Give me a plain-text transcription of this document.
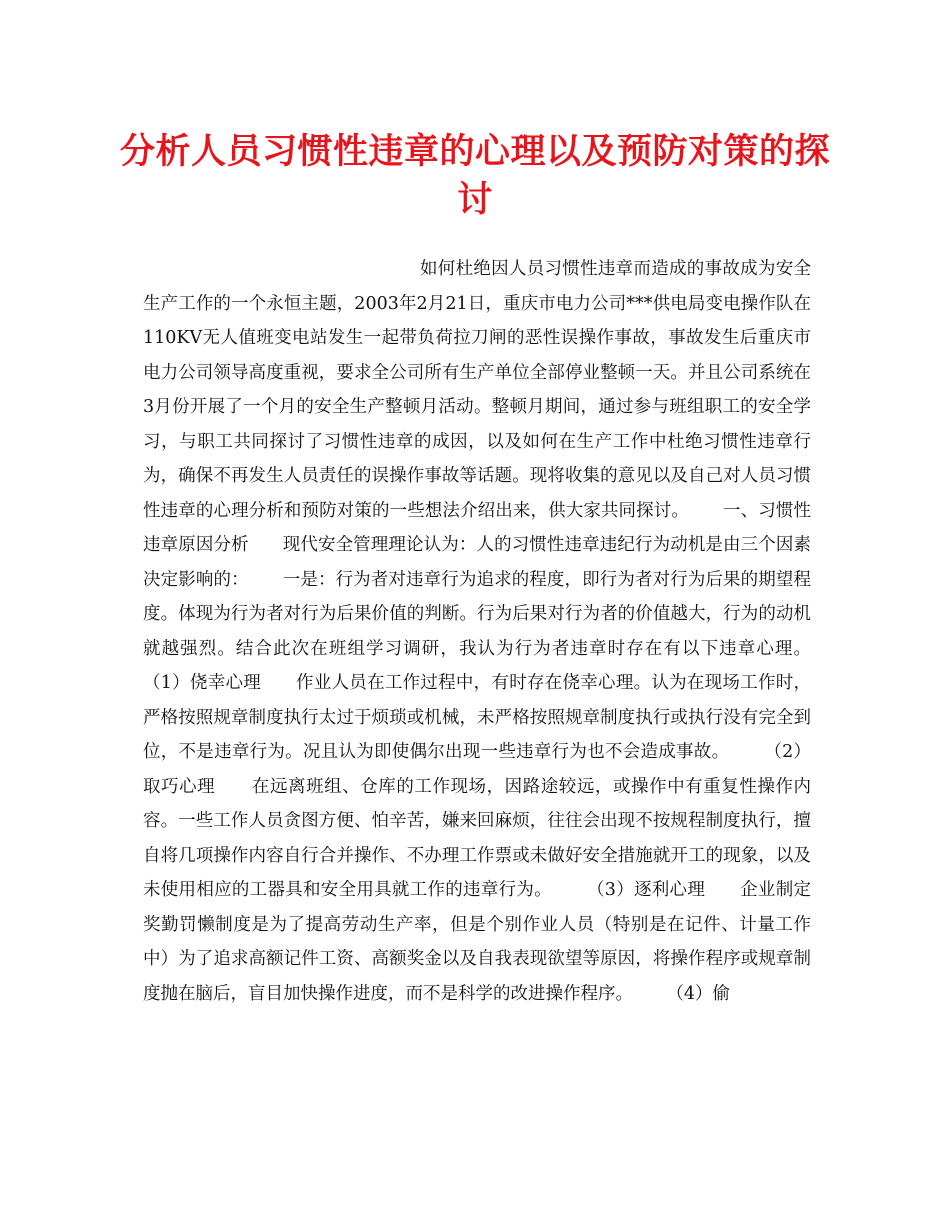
分析人员习惯性违章的心理以及预防对策的探讨

如何杜绝因人员习惯性违章而造成的事故成为安全生产工作的一个永恒主题，2003年2月21日，重庆市电力公司***供电局变电操作队在110KV无人值班变电站发生一起带负荷拉刀闸的恶性误操作事故，事故发生后重庆市电力公司领导高度重视，要求全公司所有生产单位全部停业整顿一天。并且公司系统在3月份开展了一个月的安全生产整顿月活动。整顿月期间，通过参与班组职工的安全学习，与职工共同探讨了习惯性违章的成因，以及如何在生产工作中杜绝习惯性违章行为，确保不再发生人员责任的误操作事故等话题。现将收集的意见以及自己对人员习惯性违章的心理分析和预防对策的一些想法介绍出来，供大家共同探讨。      一、习惯性违章原因分析      现代安全管理理论认为：人的习惯性违章违纪行为动机是由三个因素决定影响的：      一是：行为者对违章行为追求的程度，即行为者对行为后果的期望程度。体现为行为者对行为后果价值的判断。行为后果对行为者的价值越大，行为的动机就越强烈。结合此次在班组学习调研，我认为行为者违章时存在有以下违章心理。      （1）侥幸心理      作业人员在工作过程中，有时存在侥幸心理。认为在现场工作时，严格按照规章制度执行太过于烦琐或机械，未严格按照规章制度执行或执行没有完全到位，不是违章行为。况且认为即使偶尔出现一些违章行为也不会造成事故。      （2）取巧心理      在远离班组、仓库的工作现场，因路途较远，或操作中有重复性操作内容。一些工作人员贪图方便、怕辛苦，嫌来回麻烦，往往会出现不按规程制度执行，擅自将几项操作内容自行合并操作、不办理工作票或未做好安全措施就开工的现象，以及未使用相应的工器具和安全用具就工作的违章行为。      （3）逐利心理      企业制定奖勤罚懒制度是为了提高劳动生产率，但是个别作业人员（特别是在记件、计量工作中）为了追求高额记件工资、高额奖金以及自我表现欲望等原因，将操作程序或规章制度抛在脑后，盲目加快操作进度，而不是科学的改进操作程序。      （4）偷
